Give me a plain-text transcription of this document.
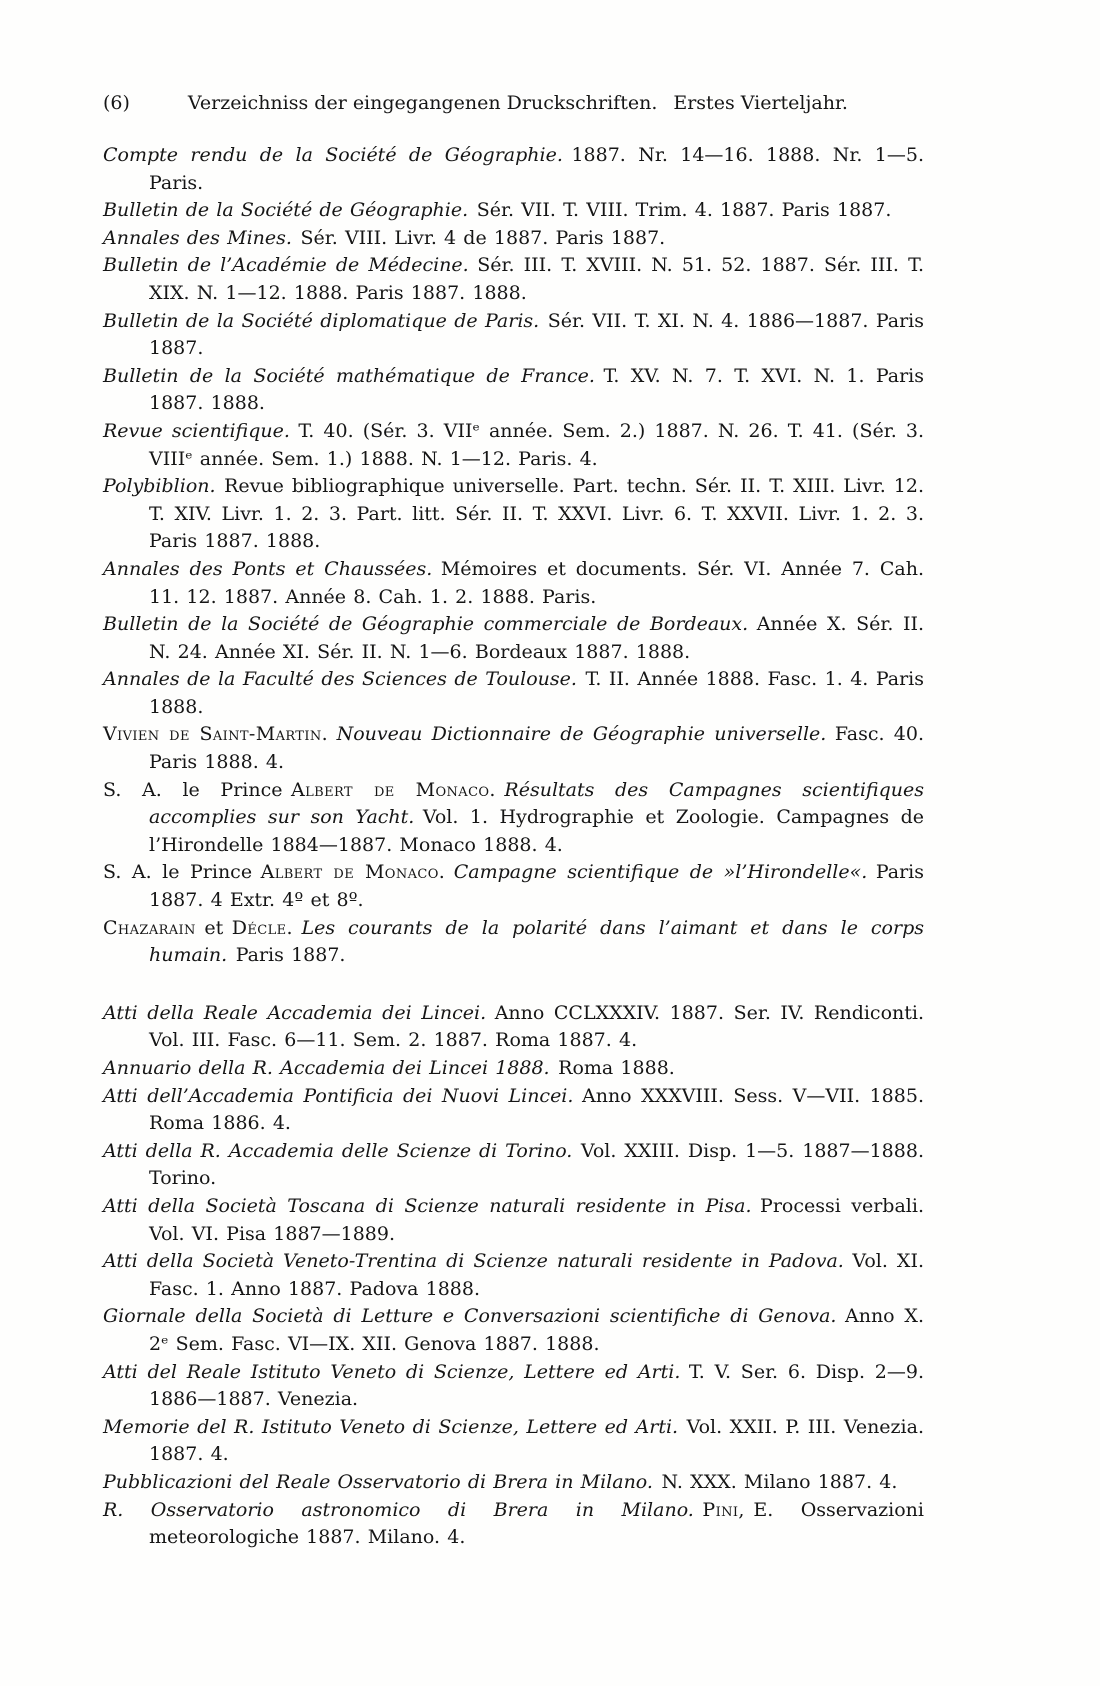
(6)	Verzeichniss der eingegangenen Druckschriften. Erstes Vierteljahr.

Compte rendu de la Société de Géographie. 1887. Nr. 14—16. 1888. Nr. 1—5. Paris.

Bulletin de la Société de Géographie. Sér. VII. T. VIII. Trim. 4. 1887. Paris 1887.

Annales des Mines. Sér. VIII. Livr. 4 de 1887. Paris 1887.

Bulletin de l’Académie de Médecine. Sér. III. T. XVIII. N. 51. 52. 1887. Sér. III. T. XIX. N. 1—12. 1888. Paris 1887. 1888.

Bulletin de la Société diplomatique de Paris. Sér. VII. T. XI. N. 4. 1886—1887. Paris 1887.

Bulletin de la Société mathématique de France. T. XV. N. 7. T. XVI. N. 1. Paris 1887. 1888.

Revue scientifique. T. 40. (Sér. 3. VIIᵉ année. Sem. 2.) 1887. N. 26. T. 41. (Sér. 3. VIIIᵉ année. Sem. 1.) 1888. N. 1—12. Paris. 4.

Polybiblion. Revue bibliographique universelle. Part. techn. Sér. II. T. XIII. Livr. 12. T. XIV. Livr. 1. 2. 3. Part. litt. Sér. II. T. XXVI. Livr. 6. T. XXVII. Livr. 1. 2. 3. Paris 1887. 1888.

Annales des Ponts et Chaussées. Mémoires et documents. Sér. VI. Année 7. Cah. 11. 12. 1887. Année 8. Cah. 1. 2. 1888. Paris.

Bulletin de la Société de Géographie commerciale de Bordeaux. Année X. Sér. II. N. 24. Année XI. Sér. II. N. 1—6. Bordeaux 1887. 1888.

Annales de la Faculté des Sciences de Toulouse. T. II. Année 1888. Fasc. 1. 4. Paris 1888.

Vivien de Saint-Martin. Nouveau Dictionnaire de Géographie universelle. Fasc. 40. Paris 1888. 4.

S. A. le Prince Albert de Monaco. Résultats des Campagnes scientifiques accomplies sur son Yacht. Vol. 1. Hydrographie et Zoologie. Campagnes de l’Hirondelle 1884—1887. Monaco 1888. 4.

S. A. le Prince Albert de Monaco. Campagne scientifique de »l’Hirondelle«. Paris 1887. 4 Extr. 4º et 8º.

Chazarain et Décle. Les courants de la polarité dans l’aimant et dans le corps humain. Paris 1887.

Atti della Reale Accademia dei Lincei. Anno CCLXXXIV. 1887. Ser. IV. Rendiconti. Vol. III. Fasc. 6—11. Sem. 2. 1887. Roma 1887. 4.

Annuario della R. Accademia dei Lincei 1888. Roma 1888.

Atti dell’Accademia Pontificia dei Nuovi Lincei. Anno XXXVIII. Sess. V—VII. 1885. Roma 1886. 4.

Atti della R. Accademia delle Scienze di Torino. Vol. XXIII. Disp. 1—5. 1887—1888. Torino.

Atti della Società Toscana di Scienze naturali residente in Pisa. Processi verbali. Vol. VI. Pisa 1887—1889.

Atti della Società Veneto-Trentina di Scienze naturali residente in Padova. Vol. XI. Fasc. 1. Anno 1887. Padova 1888.

Giornale della Società di Letture e Conversazioni scientifiche di Genova. Anno X. 2ᵉ Sem. Fasc. VI—IX. XII. Genova 1887. 1888.

Atti del Reale Istituto Veneto di Scienze, Lettere ed Arti. T. V. Ser. 6. Disp. 2—9. 1886—1887. Venezia.

Memorie del R. Istituto Veneto di Scienze, Lettere ed Arti. Vol. XXII. P. III. Venezia. 1887. 4.

Pubblicazioni del Reale Osservatorio di Brera in Milano. N. XXX. Milano 1887. 4.

R. Osservatorio astronomico di Brera in Milano. Pini, E. Osservazioni meteorologiche 1887. Milano. 4.
